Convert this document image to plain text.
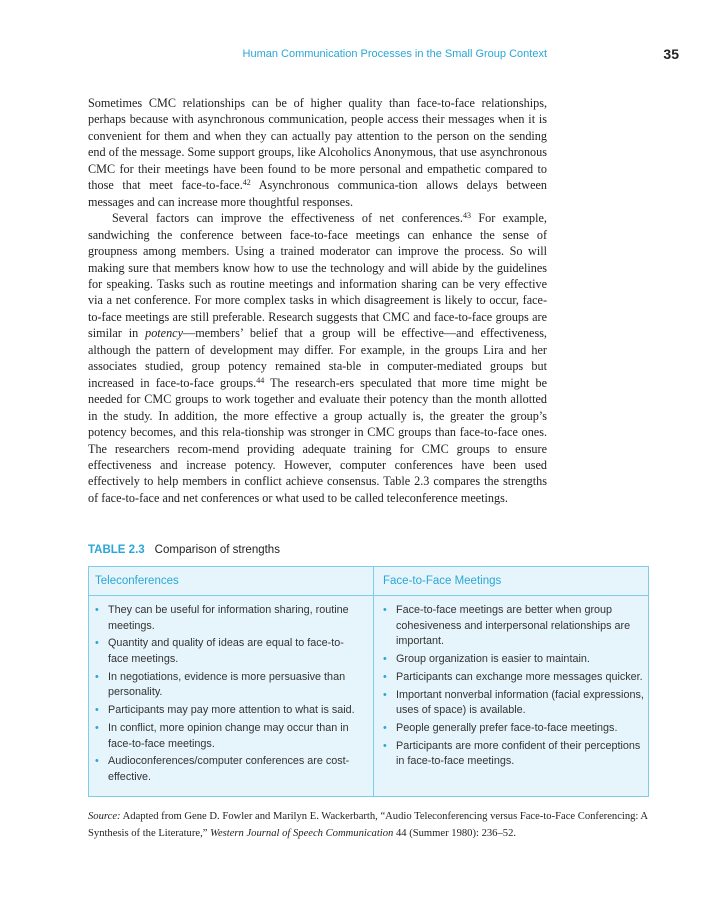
Human Communication Processes in the Small Group Context	35

Sometimes CMC relationships can be of higher quality than face-to-face relationships, perhaps because with asynchronous communication, people access their messages when it is convenient for them and when they can actually pay attention to the person on the sending end of the message. Some support groups, like Alcoholics Anonymous, that use asynchronous CMC for their meetings have been found to be more personal and empathetic compared to those that meet face-to-face.$^{42}$ Asynchronous communica-tion allows delays between messages and can increase more thoughtful responses.

Several factors can improve the effectiveness of net conferences.$^{43}$ For example, sandwiching the conference between face-to-face meetings can enhance the sense of groupness among members. Using a trained moderator can improve the process. So will making sure that members know how to use the technology and will abide by the guidelines for speaking. Tasks such as routine meetings and information sharing can be very effective via a net conference. For more complex tasks in which disagreement is likely to occur, face-to-face meetings are still preferable. Research suggests that CMC and face-to-face groups are similar in potency—members’ belief that a group will be effective—and effectiveness, although the pattern of development may differ. For example, in the groups Lira and her associates studied, group potency remained sta-ble in computer-mediated groups but increased in face-to-face groups.$^{44}$ The research-ers speculated that more time might be needed for CMC groups to work together and evaluate their potency than the month allotted in the study. In addition, the more effective a group actually is, the greater the group’s potency becomes, and this rela-tionship was stronger in CMC groups than face-to-face ones. The researchers recom-mend providing adequate training for CMC groups to ensure effectiveness and increase potency. However, computer conferences have been used effectively to help members in conflict achieve consensus. Table 2.3 compares the strengths of face-to-face and net conferences or what used to be called teleconference meetings.

TABLE 2.3 Comparison of strengths
Teleconferences	Face-to-Face Meetings
• They can be useful for information sharing, routine meetings.
• Quantity and quality of ideas are equal to face-to-face meetings.
• In negotiations, evidence is more persuasive than personality.
• Participants may pay more attention to what is said.
• In conflict, more opinion change may occur than in face-to-face meetings.
• Audioconferences/computer conferences are cost-effective.
• Face-to-face meetings are better when group cohesiveness and interpersonal relationships are important.
• Group organization is easier to maintain.
• Participants can exchange more messages quicker.
• Important nonverbal information (facial expressions, uses of space) is available.
• People generally prefer face-to-face meetings.
• Participants are more confident of their perceptions in face-to-face meetings.
Source: Adapted from Gene D. Fowler and Marilyn E. Wackerbarth, “Audio Teleconferencing versus Face-to-Face Conferencing: A Synthesis of the Literature,” Western Journal of Speech Communication 44 (Summer 1980): 236–52.
